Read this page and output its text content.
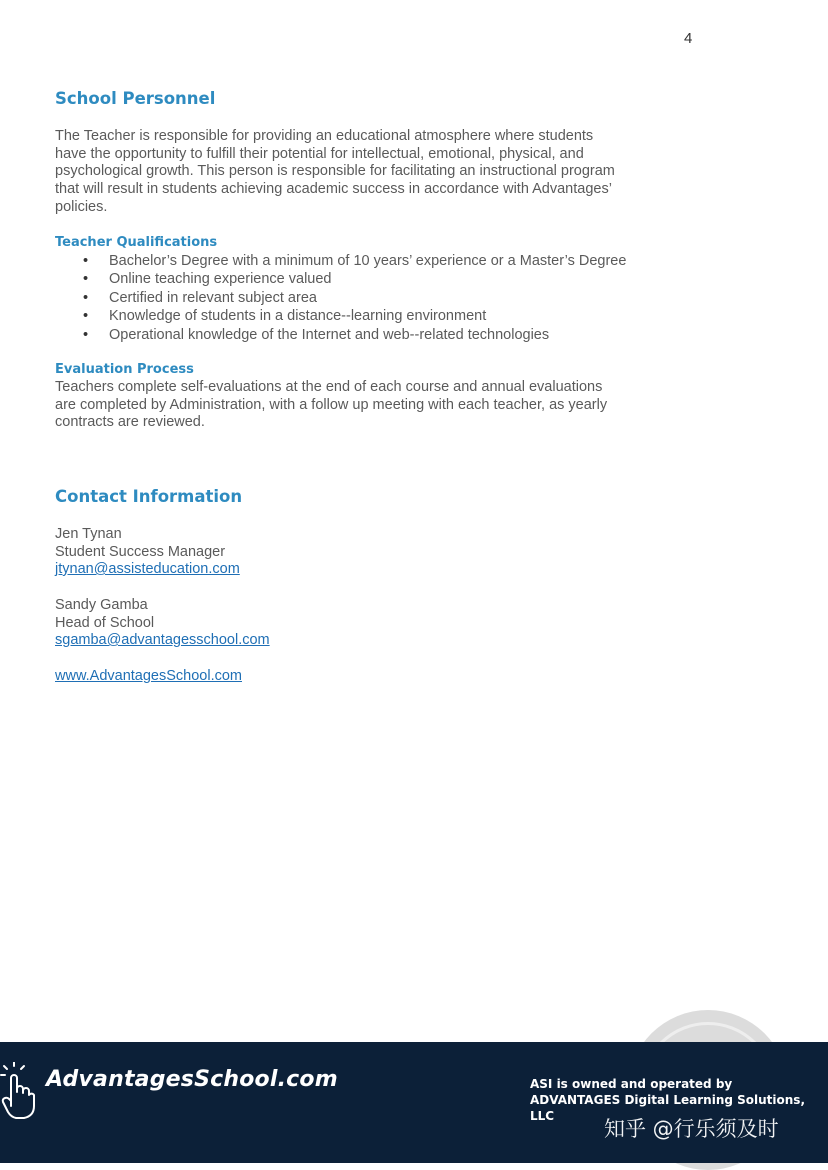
4
School Personnel
The Teacher is responsible for providing an educational atmosphere where students
have the opportunity to fulfill their potential for intellectual, emotional, physical, and
psychological growth. This person is responsible for facilitating an instructional program
that will result in students achieving academic success in accordance with Advantages’
policies.
Teacher Qualifications
• Bachelor’s Degree with a minimum of 10 years’ experience or a Master’s Degree
• Online teaching experience valued
• Certified in relevant subject area
• Knowledge of students in a distance--learning environment
• Operational knowledge of the Internet and web--related technologies
Evaluation Process
Teachers complete self-evaluations at the end of each course and annual evaluations
are completed by Administration, with a follow up meeting with each teacher, as yearly
contracts are reviewed.
Contact Information
Jen Tynan
Student Success Manager
jtynan@assisteducation.com
Sandy Gamba
Head of School
sgamba@advantagesschool.com
www.AdvantagesSchool.com
AdvantagesSchool.com	ASI is owned and operated by
ADVANTAGES Digital Learning Solutions, LLC
知乎 @行乐须及时
